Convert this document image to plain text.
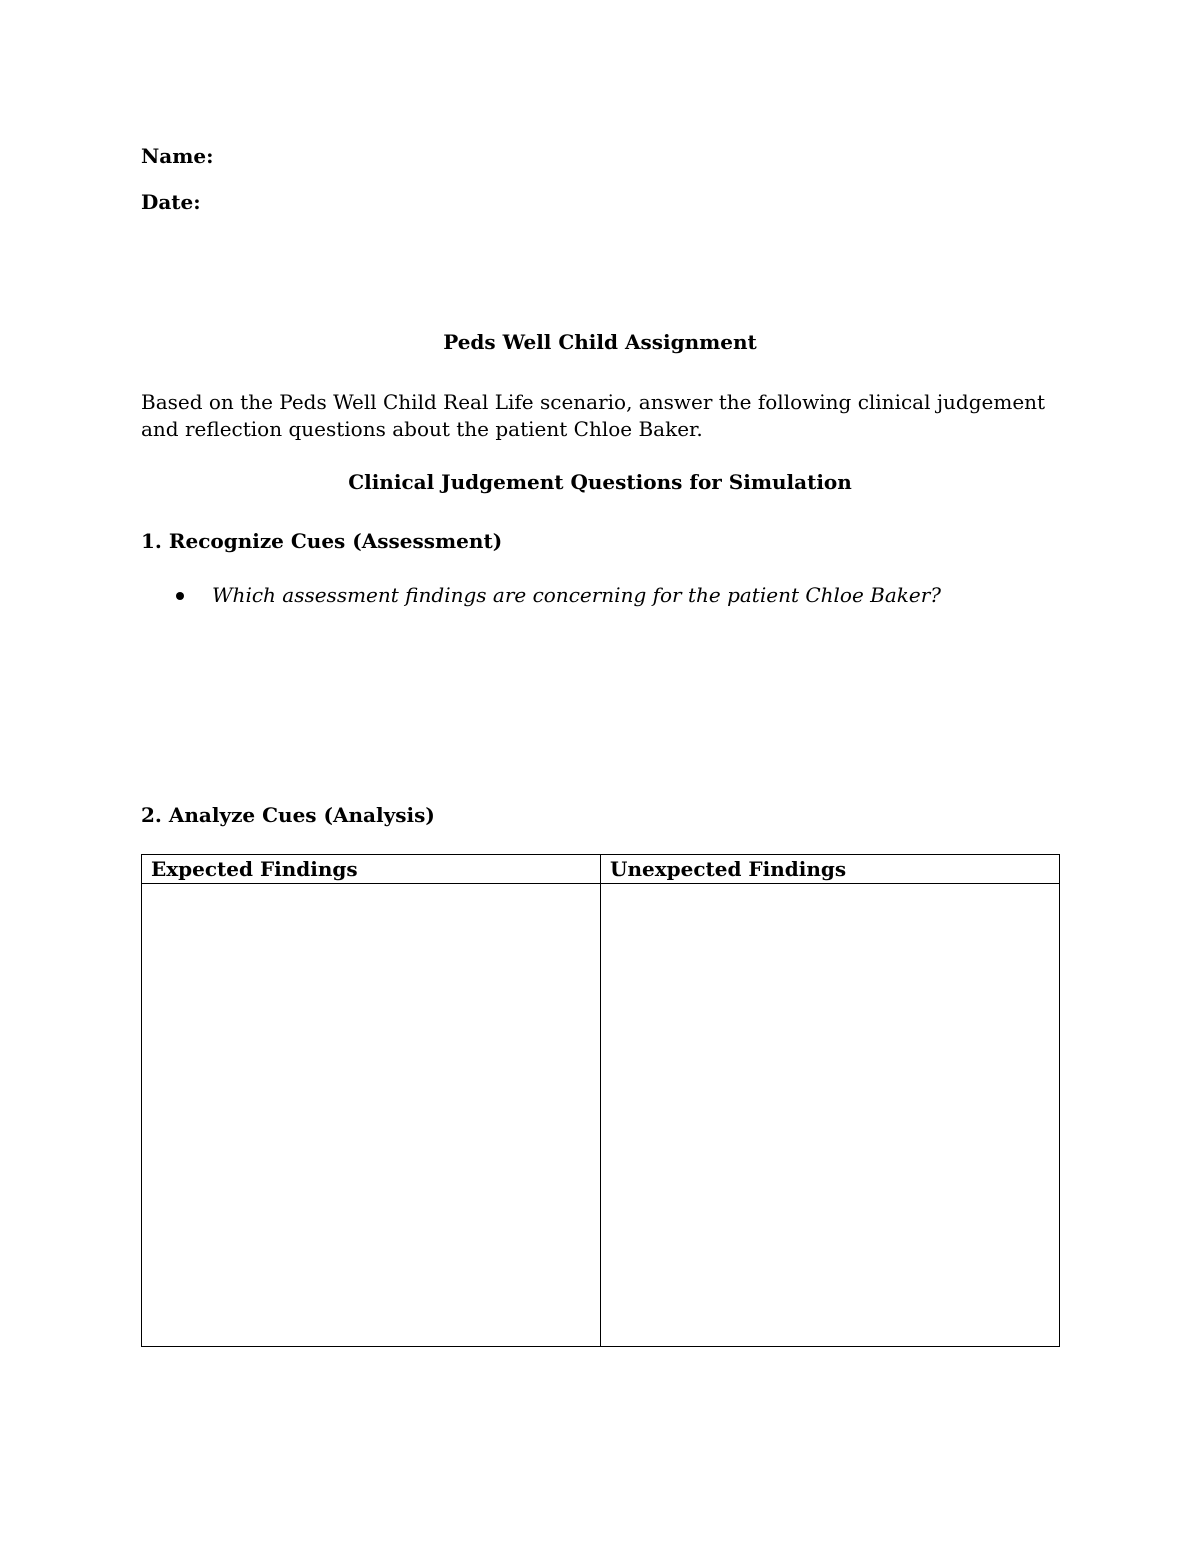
Name:

Date:

Peds Well Child Assignment

Based on the Peds Well Child Real Life scenario, answer the following clinical judgement and reflection questions about the patient Chloe Baker.

Clinical Judgement Questions for Simulation
1. Recognize Cues (Assessment)

Which assessment findings are concerning for the patient Chloe Baker?

2. Analyze Cues (Analysis)
Expected Findings	Unexpected Findings
